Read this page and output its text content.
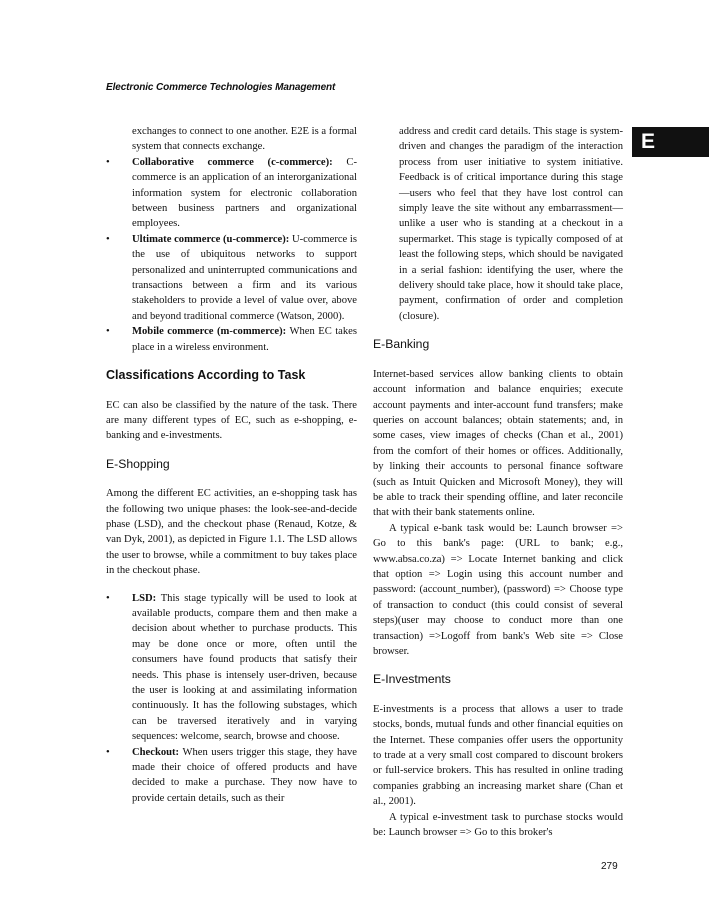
Electronic Commerce Technologies Management
E

exchanges to connect to one another. E2E is a formal system that connects exchange.

• Collaborative commerce (c-commerce): C-commerce is an application of an interorganizational information system for electronic collaboration between business partners and organizational employees.
• Ultimate commerce (u-commerce): U-commerce is the use of ubiquitous networks to support personalized and uninterrupted communications and transactions between a firm and its various stakeholders to provide a level of value over, above and beyond traditional commerce (Watson, 2000).
• Mobile commerce (m-commerce): When EC takes place in a wireless environment.
Classifications According to Task

EC can also be classified by the nature of the task. There are many different types of EC, such as e-shopping, e-banking and e-investments.

E-Shopping

Among the different EC activities, an e-shopping task has the following two unique phases: the look-see-and-decide phase (LSD), and the checkout phase (Renaud, Kotze, & van Dyk, 2001), as depicted in Figure 1.1. The LSD allows the user to browse, while a commitment to buy takes place in the checkout phase.

• LSD: This stage typically will be used to look at available products, compare them and then make a decision about whether to purchase products. This may be done once or more, often until the consumers have found products that satisfy their needs. This phase is intensely user-driven, because the user is looking at and assimilating information continuously. It has the following substages, which can be traversed iteratively and in varying sequences: welcome, search, browse and choose.
• Checkout: When users trigger this stage, they have made their choice of offered products and have decided to make a purchase. They now have to provide certain details, such as their

address and credit card details. This stage is system-driven and changes the paradigm of the interaction process from user initiative to system initiative. Feedback is of critical importance during this stage—users who feel that they have lost control can simply leave the site without any embarrassment—unlike a user who is standing at a checkout in a supermarket. This stage is typically composed of at least the following steps, which should be navigated in a serial fashion: identifying the user, where the delivery should take place, how it should take place, payment, confirmation of order and completion (closure).

E-Banking

Internet-based services allow banking clients to obtain account information and balance enquiries; execute account payments and inter-account fund transfers; make queries on account balances; obtain statements; and, in some cases, view images of checks (Chan et al., 2001) from the comfort of their homes or offices. Additionally, by linking their accounts to personal finance software (such as Intuit Quicken and Microsoft Money), they will be able to track their spending offline, and later reconcile that with their bank statements online.

A typical e-bank task would be: Launch browser => Go to this bank's page: (URL to bank; e.g., www.absa.co.za) => Locate Internet banking and click that option => Login using this account number and password: (account_number), (password) => Choose type of transaction to conduct (this could consist of several steps)(user may choose to conduct more than one transaction) =>Logoff from bank's Web site => Close browser.

E-Investments

E-investments is a process that allows a user to trade stocks, bonds, mutual funds and other financial equities on the Internet. These companies offer users the opportunity to trade at a very small cost compared to discount brokers or full-service brokers. This has resulted in online trading companies grabbing an increasing market share (Chan et al., 2001).

A typical e-investment task to purchase stocks would be: Launch browser => Go to this broker's

279
